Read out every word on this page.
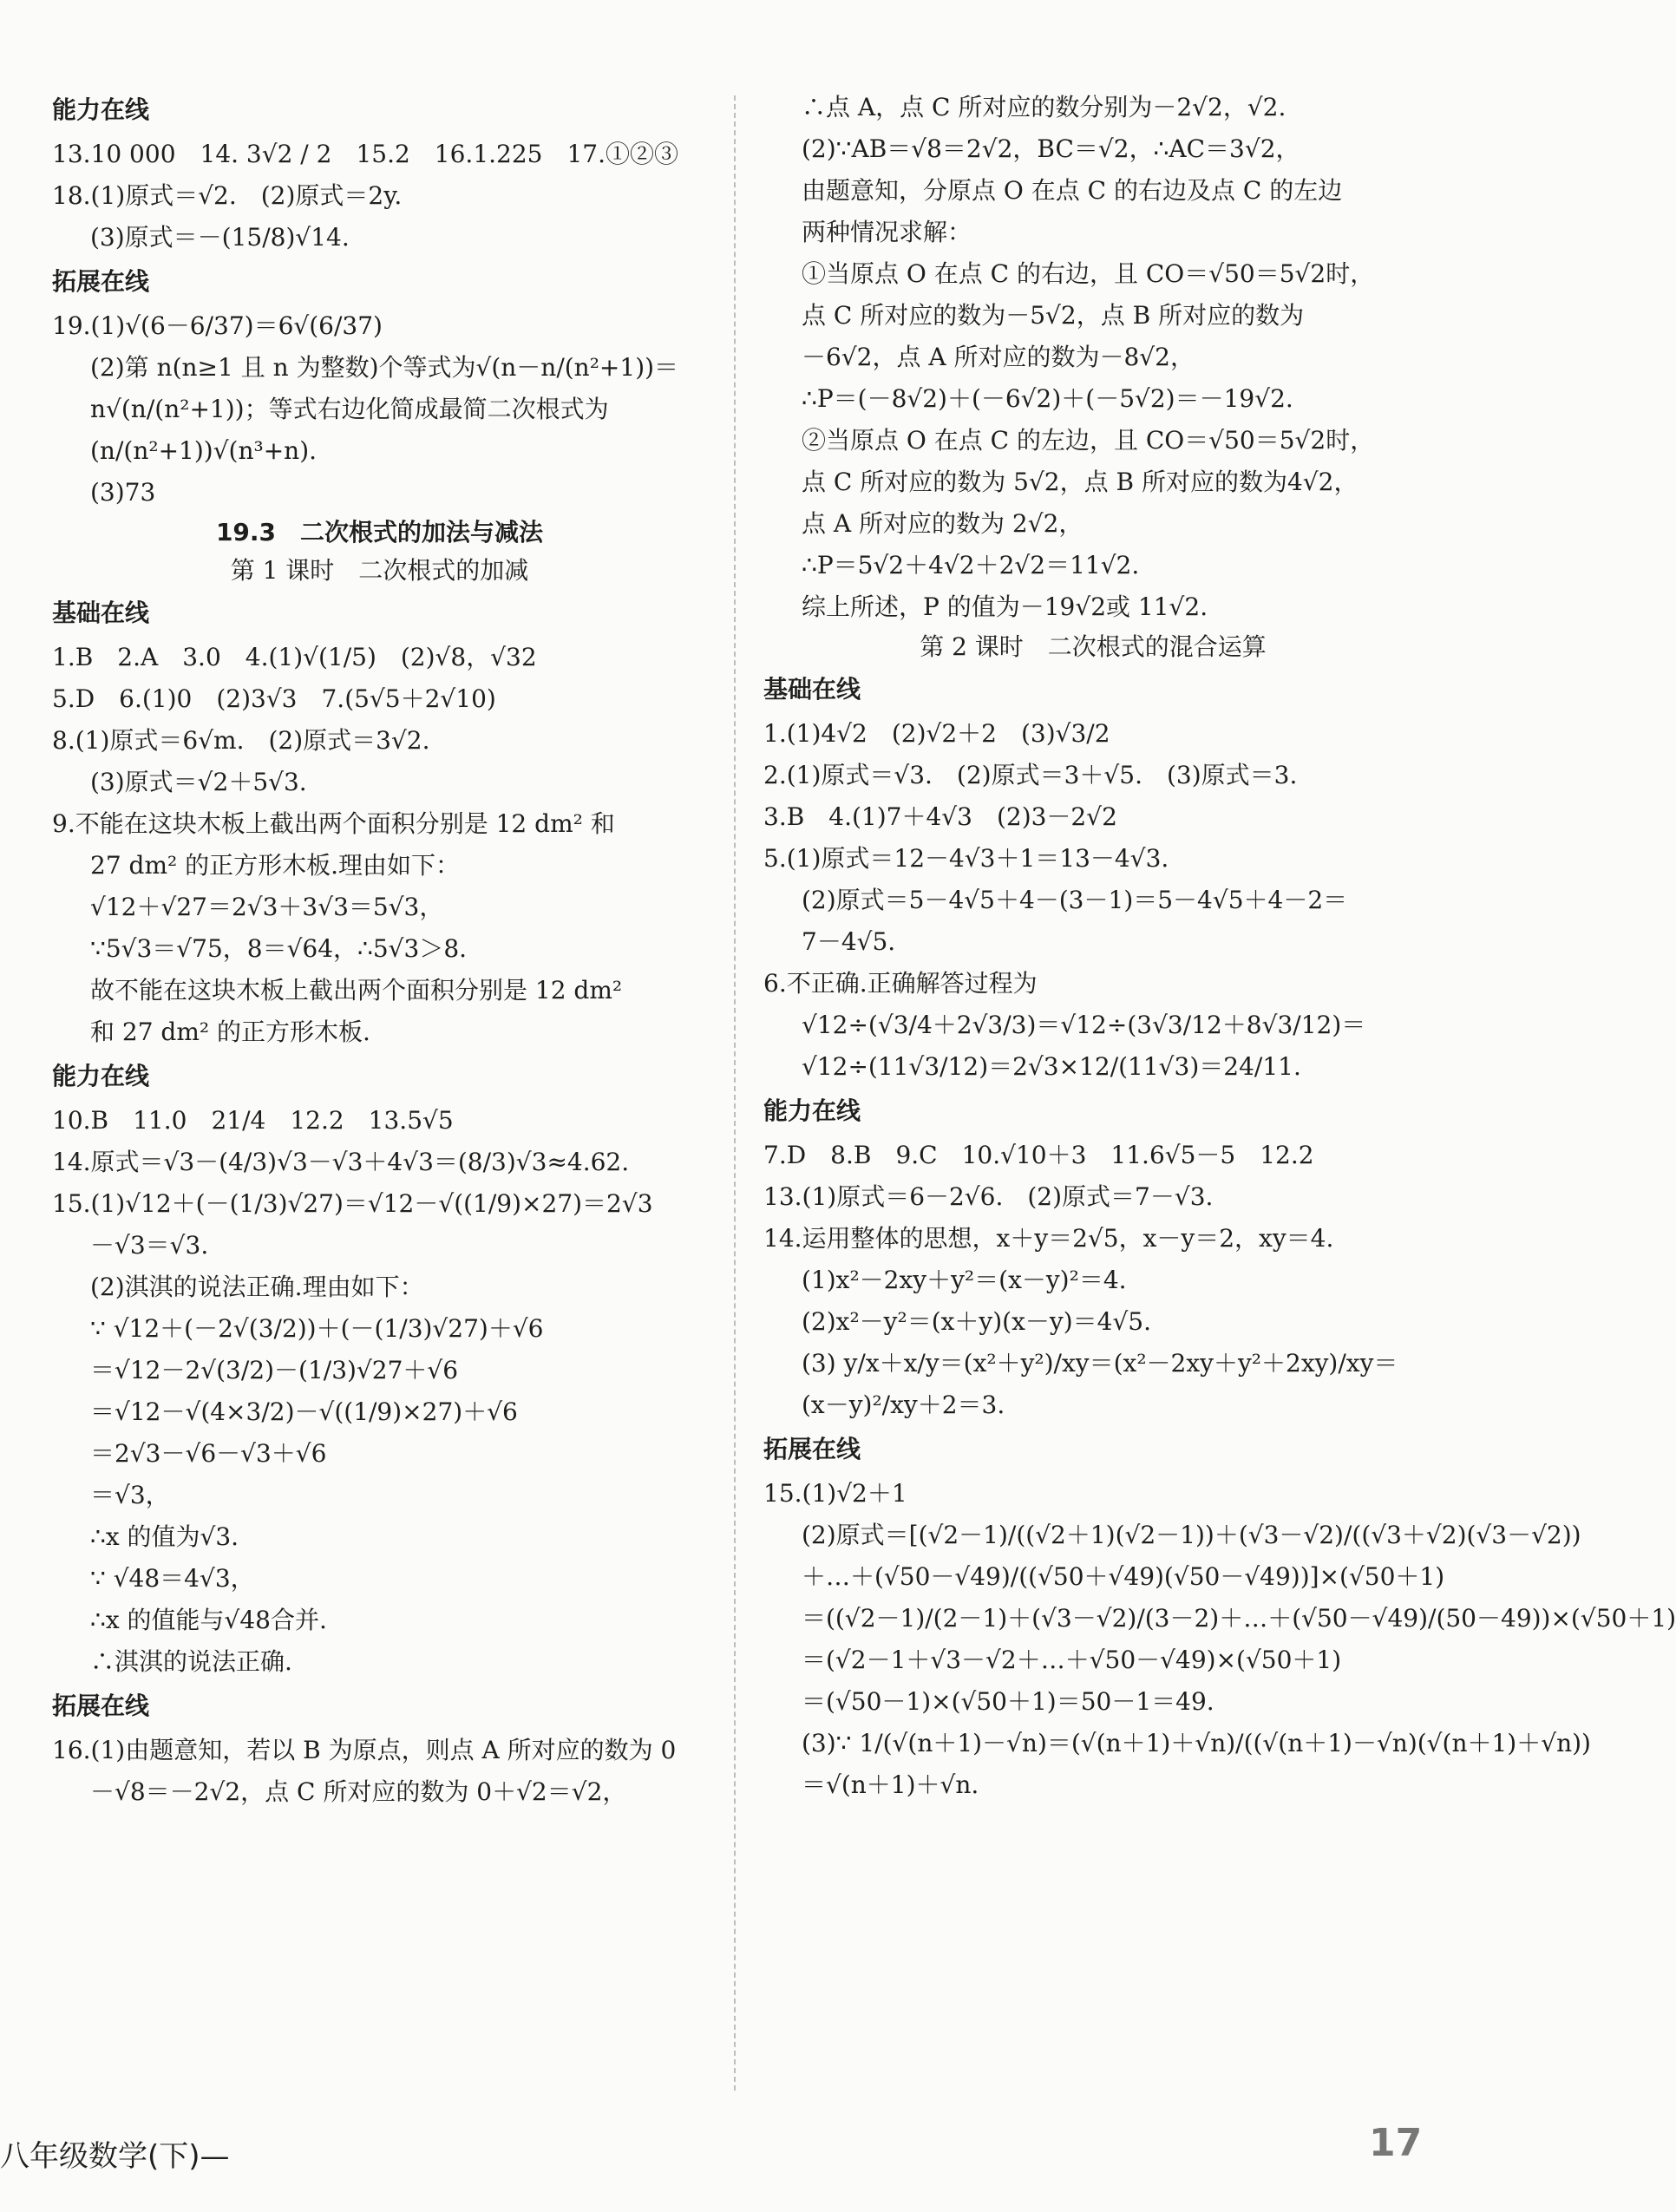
能力在线
13.10 000　14. 3√2 / 2　15.2　16.1.225　17.①②③
18.(1)原式＝√2.　(2)原式＝2y.
(3)原式＝－(15/8)√14.
拓展在线
19.(1)√(6－6/37)＝6√(6/37)
(2)第 n(n≥1 且 n 为整数)个等式为√(n－n/(n²+1))＝
n√(n/(n²+1))；等式右边化简成最简二次根式为
(n/(n²+1))√(n³+n).
(3)73
19.3　二次根式的加法与减法
第 1 课时　二次根式的加减
基础在线
1.B　2.A　3.0　4.(1)√(1/5)　(2)√8，√32
5.D　6.(1)0　(2)3√3　7.(5√5＋2√10)
8.(1)原式＝6√m.　(2)原式＝3√2.
(3)原式＝√2＋5√3.
9.不能在这块木板上截出两个面积分别是 12 dm² 和
27 dm² 的正方形木板.理由如下：
√12＋√27＝2√3＋3√3＝5√3，
∵5√3＝√75，8＝√64，∴5√3＞8.
故不能在这块木板上截出两个面积分别是 12 dm²
和 27 dm² 的正方形木板.
能力在线
10.B　11.0　21/4　12.2　13.5√5
14.原式＝√3－(4/3)√3－√3＋4√3＝(8/3)√3≈4.62.
15.(1)√12＋(－(1/3)√27)＝√12－√((1/9)×27)＝2√3
－√3＝√3.
(2)淇淇的说法正确.理由如下：
∵ √12＋(－2√(3/2))＋(－(1/3)√27)＋√6
＝√12－2√(3/2)－(1/3)√27＋√6
＝√12－√(4×3/2)－√((1/9)×27)＋√6
＝2√3－√6－√3＋√6
＝√3，
∴x 的值为√3.
∵ √48＝4√3，
∴x 的值能与√48合并.
∴淇淇的说法正确.
拓展在线
16.(1)由题意知，若以 B 为原点，则点 A 所对应的数为 0
－√8＝－2√2，点 C 所对应的数为 0＋√2＝√2，
∴点 A，点 C 所对应的数分别为－2√2，√2.
(2)∵AB＝√8＝2√2，BC＝√2，∴AC＝3√2，
由题意知，分原点 O 在点 C 的右边及点 C 的左边
两种情况求解：
①当原点 O 在点 C 的右边，且 CO＝√50＝5√2时，
点 C 所对应的数为－5√2，点 B 所对应的数为
－6√2，点 A 所对应的数为－8√2，
∴P＝(－8√2)＋(－6√2)＋(－5√2)＝－19√2.
②当原点 O 在点 C 的左边，且 CO＝√50＝5√2时，
点 C 所对应的数为 5√2，点 B 所对应的数为4√2，
点 A 所对应的数为 2√2，
∴P＝5√2＋4√2＋2√2＝11√2.
综上所述，P 的值为－19√2或 11√2.
第 2 课时　二次根式的混合运算
基础在线
1.(1)4√2　(2)√2＋2　(3)√3/2
2.(1)原式＝√3.　(2)原式＝3＋√5.　(3)原式＝3.
3.B　4.(1)7＋4√3　(2)3－2√2
5.(1)原式＝12－4√3＋1＝13－4√3.
(2)原式＝5－4√5＋4－(3－1)＝5－4√5＋4－2＝
7－4√5.
6.不正确.正确解答过程为
√12÷(√3/4＋2√3/3)＝√12÷(3√3/12＋8√3/12)＝
√12÷(11√3/12)＝2√3×12/(11√3)＝24/11.
能力在线
7.D　8.B　9.C　10.√10＋3　11.6√5－5　12.2
13.(1)原式＝6－2√6.　(2)原式＝7－√3.
14.运用整体的思想，x＋y＝2√5，x－y＝2，xy＝4.
(1)x²－2xy＋y²＝(x－y)²＝4.
(2)x²－y²＝(x＋y)(x－y)＝4√5.
(3) y/x＋x/y＝(x²＋y²)/xy＝(x²－2xy＋y²＋2xy)/xy＝
(x－y)²/xy＋2＝3.
拓展在线
15.(1)√2＋1
(2)原式＝[(√2－1)/((√2＋1)(√2－1))＋(√3－√2)/((√3＋√2)(√3－√2))
＋…＋(√50－√49)/((√50＋√49)(√50－√49))]×(√50＋1)
＝((√2－1)/(2－1)＋(√3－√2)/(3－2)＋…＋(√50－√49)/(50－49))×(√50＋1)
＝(√2－1＋√3－√2＋…＋√50－√49)×(√50＋1)
＝(√50－1)×(√50＋1)＝50－1＝49.
(3)∵ 1/(√(n＋1)－√n)＝(√(n＋1)＋√n)/((√(n＋1)－√n)(√(n＋1)＋√n))
＝√(n＋1)＋√n.
八年级数学(下)—	17
